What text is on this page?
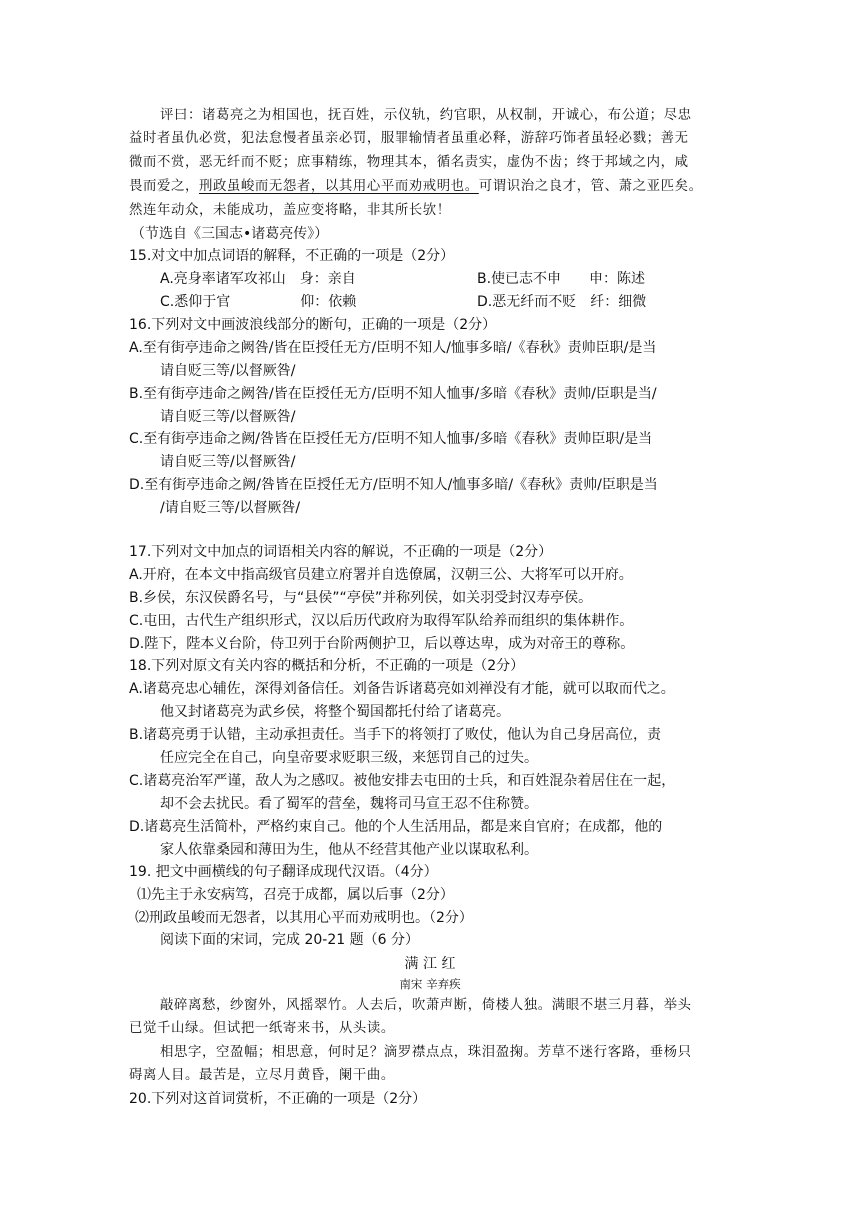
评曰：诸葛亮之为相国也，抚百姓，示仪轨，约官职，从权制，开诚心，布公道；尽忠
益时者虽仇必赏，犯法怠慢者虽亲必罚，服罪输情者虽重必释，游辞巧饰者虽轻必戮；善无
微而不赏，恶无纤而不贬；庶事精练，物理其本，循名责实，虚伪不齿；终于邦域之内，咸
畏而爱之，刑政虽峻而无怨者，以其用心平而劝戒明也。可谓识治之良才，管、萧之亚匹矣。
然连年动众，未能成功，盖应变将略，非其所长欤！
（节选自《三国志•诸葛亮传》）
15.对文中加点词语的解释，不正确的一项是（2分）
A.亮身率诸军攻祁山　身：亲自	B.使已志不申　　申：陈述
C.悉仰于官　　　　　仰：依赖	D.恶无纤而不贬　纤：细微
16.下列对文中画波浪线部分的断句，正确的一项是（2分）
A.至有街亭违命之阙咎/皆在臣授任无方/臣明不知人/恤事多暗/《春秋》责帅臣职/是当
请自贬三等/以督厥咎/
B.至有街亭违命之阙咎/皆在臣授任无方/臣明不知人恤事/多暗《春秋》责帅/臣职是当/
请自贬三等/以督厥咎/
C.至有街亭违命之阙/咎皆在臣授任无方/臣明不知人恤事/多暗《春秋》责帅臣职/是当
请自贬三等/以督厥咎/
D.至有街亭违命之阙/咎皆在臣授任无方/臣明不知人/恤事多暗/《春秋》责帅/臣职是当
/请自贬三等/以督厥咎/
17.下列对文中加点的词语相关内容的解说，不正确的一项是（2分）
A.开府，在本文中指高级官员建立府署并自选僚属，汉朝三公、大将军可以开府。
B.乡侯，东汉侯爵名号，与“县侯”“亭侯”并称列侯，如关羽受封汉寿亭侯。
C.屯田，古代生产组织形式，汉以后历代政府为取得军队给养而组织的集体耕作。
D.陛下，陛本义台阶，侍卫列于台阶两侧护卫，后以尊达卑，成为对帝王的尊称。
18.下列对原文有关内容的概括和分析，不正确的一项是（2分）
A.诸葛亮忠心辅佐，深得刘备信任。刘备告诉诸葛亮如刘禅没有才能，就可以取而代之。
他又封诸葛亮为武乡侯，将整个蜀国都托付给了诸葛亮。
B.诸葛亮勇于认错，主动承担责任。当手下的将领打了败仗，他认为自己身居高位，责
任应完全在自己，向皇帝要求贬职三级，来惩罚自己的过失。
C.诸葛亮治军严谨，敌人为之感叹。被他安排去屯田的士兵，和百姓混杂着居住在一起，
却不会去扰民。看了蜀军的营垒，魏将司马宣王忍不住称赞。
D.诸葛亮生活简朴，严格约束自己。他的个人生活用品，都是来自官府；在成都，他的
家人依靠桑园和薄田为生，他从不经营其他产业以谋取私利。
19. 把文中画横线的句子翻译成现代汉语。（4分）
⑴先主于永安病笃，召亮于成都，属以后事（2分）
⑵刑政虽峻而无怨者，以其用心平而劝戒明也。（2分）
阅读下面的宋词，完成 20-21 题（6 分）
满 江 红
南宋 辛弃疾
敲碎离愁，纱窗外，风摇翠竹。人去后，吹萧声断，倚楼人独。满眼不堪三月暮，举头
已觉千山绿。但试把一纸寄来书，从头读。
相思字，空盈幅；相思意，何时足？滴罗襟点点，珠泪盈掬。芳草不迷行客路，垂杨只
碍离人目。最苦是，立尽月黄昏，阑干曲。
20.下列对这首词赏析，不正确的一项是（2分）
